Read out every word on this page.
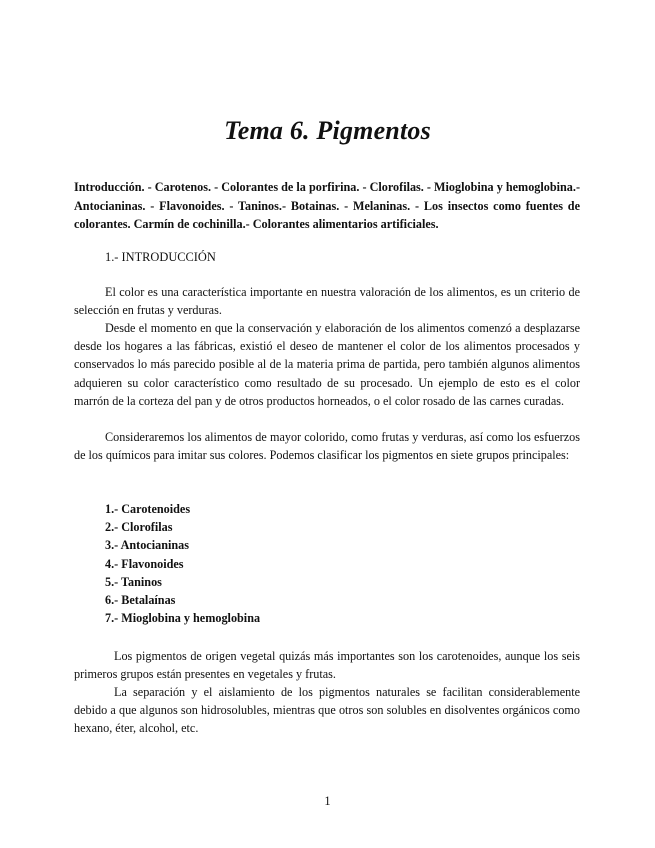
Tema 6. Pigmentos

Introducción. - Carotenos. - Colorantes de la porfirina. - Clorofilas. - Mioglobina y hemoglobina.- Antocianinas. - Flavonoides. - Taninos.- Botainas. - Melaninas. - Los insectos como fuentes de colorantes. Carmín de cochinilla.- Colorantes alimentarios artificiales.

1.- INTRODUCCIÓN

El color es una característica importante en nuestra valoración de los alimentos, es un criterio de selección en frutas y verduras.

Desde el momento en que la conservación y elaboración de los alimentos comenzó a desplazarse desde los hogares a las fábricas, existió el deseo de mantener el color de los alimentos procesados y conservados lo más parecido posible al de la materia prima de partida, pero también algunos alimentos adquieren su color característico como resultado de su procesado. Un ejemplo de esto es el color marrón de la corteza del pan y de otros productos horneados, o el color rosado de las carnes curadas.

Consideraremos los alimentos de mayor colorido, como frutas y verduras, así como los esfuerzos de los químicos para imitar sus colores. Podemos clasificar los pigmentos en siete grupos principales:

1.- Carotenoides
2.- Clorofilas
3.- Antocianinas
4.- Flavonoides
5.- Taninos
6.- Betalaínas
7.- Mioglobina y hemoglobina

Los pigmentos de origen vegetal quizás más importantes son los carotenoides, aunque los seis primeros grupos están presentes en vegetales y frutas.

La separación y el aislamiento de los pigmentos naturales se facilitan considerablemente debido a que algunos son hidrosolubles, mientras que otros son solubles en disolventes orgánicos como hexano, éter, alcohol, etc.

1
